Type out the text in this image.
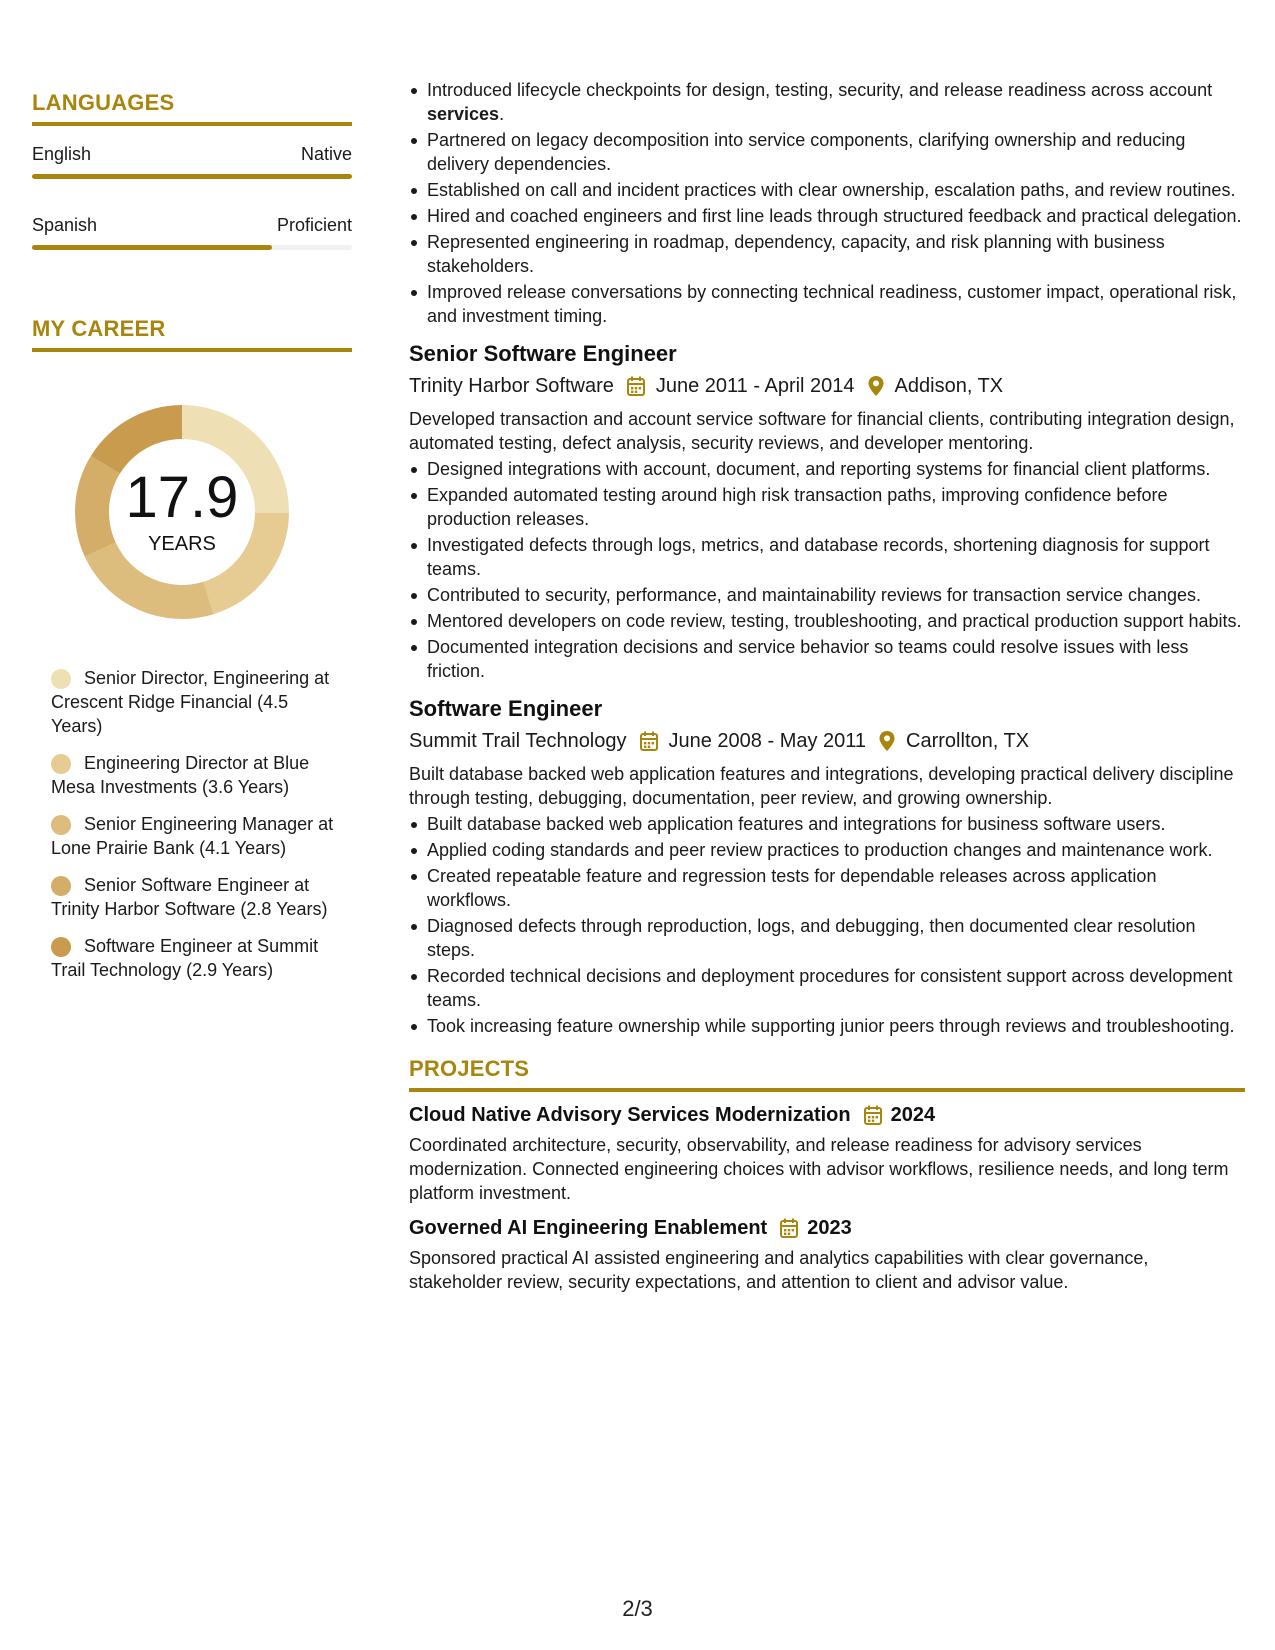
LANGUAGES
English	Native
Spanish	Proficient
MY CAREER
17.9
YEARS
Senior Director, Engineering at Crescent Ridge Financial (4.5 Years)
Engineering Director at Blue Mesa Investments (3.6 Years)
Senior Engineering Manager at Lone Prairie Bank (4.1 Years)
Senior Software Engineer at Trinity Harbor Software (2.8 Years)
Software Engineer at Summit Trail Technology (2.9 Years)
Introduced lifecycle checkpoints for design, testing, security, and release readiness across account services.
Partnered on legacy decomposition into service components, clarifying ownership and reducing delivery dependencies.
Established on call and incident practices with clear ownership, escalation paths, and review routines.
Hired and coached engineers and first line leads through structured feedback and practical delegation.
Represented engineering in roadmap, dependency, capacity, and risk planning with business stakeholders.
Improved release conversations by connecting technical readiness, customer impact, operational risk, and investment timing.
Senior Software Engineer
Trinity Harbor Software June 2011 - April 2014 Addison, TX
Developed transaction and account service software for financial clients, contributing integration design, automated testing, defect analysis, security reviews, and developer mentoring.
Designed integrations with account, document, and reporting systems for financial client platforms.
Expanded automated testing around high risk transaction paths, improving confidence before production releases.
Investigated defects through logs, metrics, and database records, shortening diagnosis for support teams.
Contributed to security, performance, and maintainability reviews for transaction service changes.
Mentored developers on code review, testing, troubleshooting, and practical production support habits.
Documented integration decisions and service behavior so teams could resolve issues with less friction.
Software Engineer
Summit Trail Technology June 2008 - May 2011 Carrollton, TX
Built database backed web application features and integrations, developing practical delivery discipline through testing, debugging, documentation, peer review, and growing ownership.
Built database backed web application features and integrations for business software users.
Applied coding standards and peer review practices to production changes and maintenance work.
Created repeatable feature and regression tests for dependable releases across application workflows.
Diagnosed defects through reproduction, logs, and debugging, then documented clear resolution steps.
Recorded technical decisions and deployment procedures for consistent support across development teams.
Took increasing feature ownership while supporting junior peers through reviews and troubleshooting.
PROJECTS
Cloud Native Advisory Services Modernization 2024
Coordinated architecture, security, observability, and release readiness for advisory services modernization. Connected engineering choices with advisor workflows, resilience needs, and long term platform investment.
Governed AI Engineering Enablement 2023
Sponsored practical AI assisted engineering and analytics capabilities with clear governance, stakeholder review, security expectations, and attention to client and advisor value.
2/3
